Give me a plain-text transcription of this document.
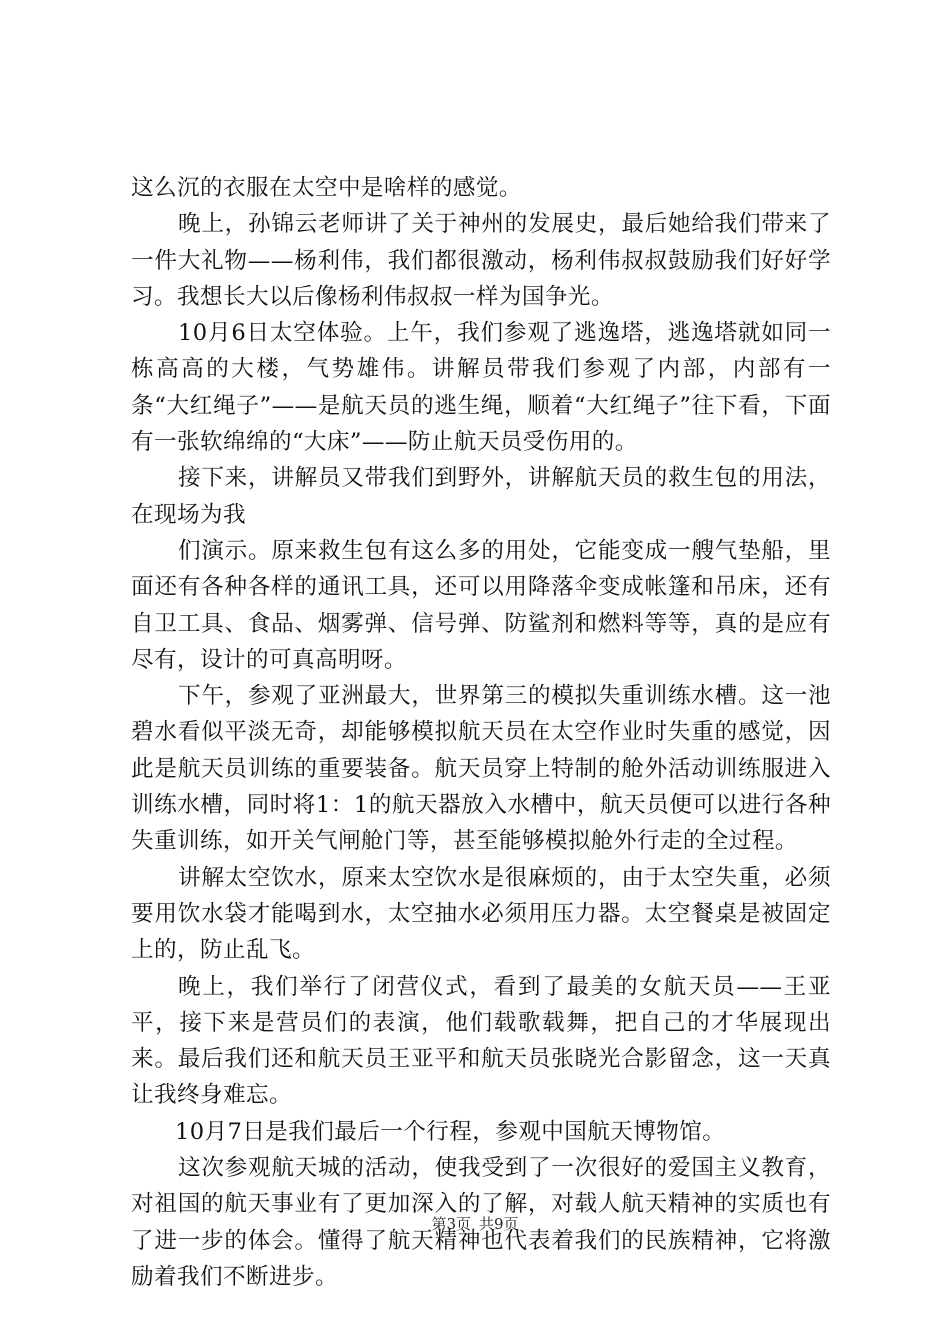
这么沉的衣服在太空中是啥样的感觉。

晚上，孙锦云老师讲了关于神州的发展史，最后她给我们带来了一件大礼物——杨利伟，我们都很激动，杨利伟叔叔鼓励我们好好学习。我想长大以后像杨利伟叔叔一样为国争光。

10月6日太空体验。上午，我们参观了逃逸塔，逃逸塔就如同一栋高高的大楼，气势雄伟。讲解员带我们参观了内部，内部有一条“大红绳子”——是航天员的逃生绳，顺着“大红绳子”往下看，下面有一张软绵绵的“大床”——防止航天员受伤用的。

接下来，讲解员又带我们到野外，讲解航天员的救生包的用法，在现场为我

们演示。原来救生包有这么多的用处，它能变成一艘气垫船，里面还有各种各样的通讯工具，还可以用降落伞变成帐篷和吊床，还有自卫工具、食品、烟雾弹、信号弹、防鲨剂和燃料等等，真的是应有尽有，设计的可真高明呀。

下午，参观了亚洲最大，世界第三的模拟失重训练水槽。这一池碧水看似平淡无奇，却能够模拟航天员在太空作业时失重的感觉，因此是航天员训练的重要装备。航天员穿上特制的舱外活动训练服进入训练水槽，同时将1：1的航天器放入水槽中，航天员便可以进行各种失重训练，如开关气闸舱门等，甚至能够模拟舱外行走的全过程。

讲解太空饮水，原来太空饮水是很麻烦的，由于太空失重，必须要用饮水袋才能喝到水，太空抽水必须用压力器。太空餐桌是被固定上的，防止乱飞。

晚上，我们举行了闭营仪式，看到了最美的女航天员——王亚平，接下来是营员们的表演，他们载歌载舞，把自己的才华展现出来。最后我们还和航天员王亚平和航天员张晓光合影留念，这一天真让我终身难忘。

10月7日是我们最后一个行程，参观中国航天博物馆。

这次参观航天城的活动，使我受到了一次很好的爱国主义教育，对祖国的航天事业有了更加深入的了解，对载人航天精神的实质也有了进一步的体会。懂得了航天精神也代表着我们的民族精神，它将激励着我们不断进步。

第3页 共9页
